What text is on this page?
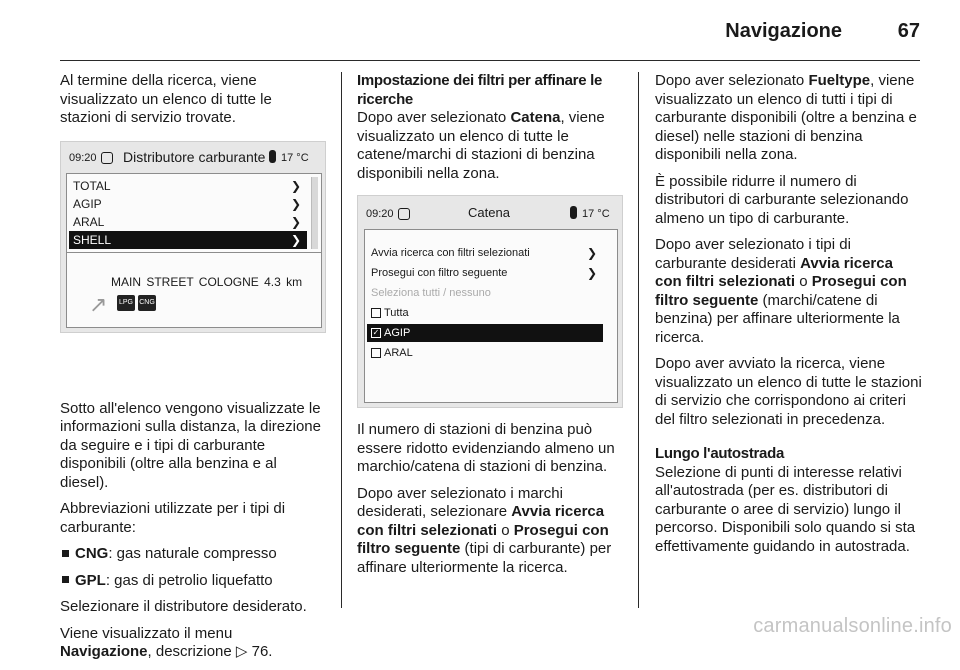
Navigazione	67

Al termine della ricerca, viene visualizzato un elenco di tutte le stazioni di servizio trovate.

Sotto all'elenco vengono visualizzate le informazioni sulla distanza, la direzione da seguire e i tipi di carburante disponibili (oltre alla benzina e al diesel).

Abbreviazioni utilizzate per i tipi di carburante:

CNG: gas naturale compresso
GPL: gas di petrolio liquefatto

Selezionare il distributore desiderato.

Viene visualizzato il menu Navigazione, descrizione ▷ 76.

09:20 Distributore carburante 17 °C
TOTAL	❯
AGIP	❯
ARAL	❯
SHELL	❯
MAIN STREET COLOGNE 4.3 km
↗ LPG CNG
Impostazione dei filtri per affinare le ricerche

Dopo aver selezionato Catena, viene visualizzato un elenco di tutte le catene/marchi di stazioni di benzina disponibili nella zona.

Il numero di stazioni di benzina può essere ridotto evidenziando almeno un marchio/catena di stazioni di benzina.

Dopo aver selezionato i marchi desiderati, selezionare Avvia ricerca con filtri selezionati o Prosegui con filtro seguente (tipi di carburante) per affinare ulteriormente la ricerca.

09:20	Catena	17 °C
Avvia ricerca con filtri selezionati	❯
Prosegui con filtro seguente	❯
Seleziona tutti / nessuno
Tutta
✓ AGIP
ARAL

Dopo aver selezionato Fueltype, viene visualizzato un elenco di tutti i tipi di carburante disponibili (oltre a benzina e diesel) nelle stazioni di benzina disponibili nella zona.

È possibile ridurre il numero di distributori di carburante selezionando almeno un tipo di carburante.

Dopo aver selezionato i tipi di carburante desiderati Avvia ricerca con filtri selezionati o Prosegui con filtro seguente (marchi/catene di benzina) per affinare ulteriormente la ricerca.

Dopo aver avviato la ricerca, viene visualizzato un elenco di tutte le stazioni di servizio che corrispondono ai criteri del filtro selezionati in precedenza.

Lungo l'autostrada

Selezione di punti di interesse relativi all'autostrada (per es. distributori di carburante o aree di servizio) lungo il percorso. Disponibili solo quando si sta effettivamente guidando in autostrada.

carmanualsonline.info
